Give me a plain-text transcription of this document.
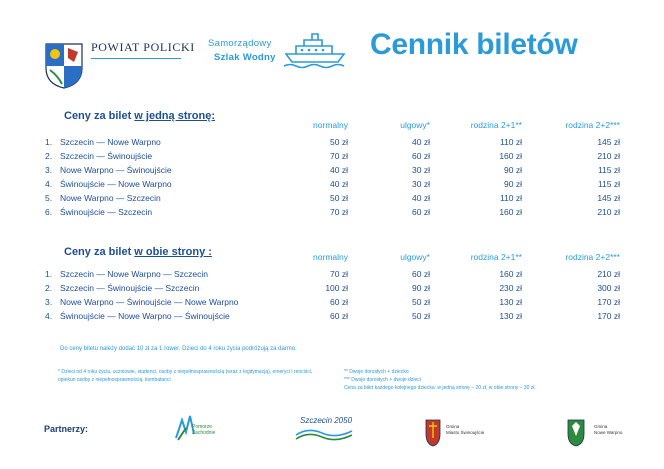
POWIAT POLICKI Samorządowy
Szlak Wodny	Cennik biletów
Ceny za bilet w jedną stronę:
normalny	ulgowy*	rodzina 2+1**	rodzina 2+2***
1. Szczecin — Nowe Warpno	50 zł	40 zł	110 zł	145 zł
2. Szczecin — Świnoujście	70 zł	60 zł	160 zł	210 zł
3. Nowe Warpno — Świnoujście	40 zł	30 zł	90 zł	115 zł
4. Świnoujście — Nowe Warpno	40 zł	30 zł	90 zł	115 zł
5. Nowe Warpno — Szczecin	50 zł	40 zł	110 zł	145 zł
6. Świnoujście — Szczecin	70 zł	60 zł	160 zł	210 zł
Ceny za bilet w obie strony :	normalny	ulgowy*	rodzina 2+1**	rodzina 2+2***
1. Szczecin — Nowe Warpno — Szczecin	70 zł	60 zł	160 zł	210 zł
2. Szczecin — Świnoujście — Szczecin	100 zł	90 zł	230 zł	300 zł
3. Nowe Warpno — Świnoujście — Nowe Warpno	60 zł	50 zł	130 zł	170 zł
4. Świnoujście — Nowe Warpno — Świnoujście	60 zł	50 zł	130 zł	170 zł
Do ceny biletu należy dodać 10 zł za 1 rower. Dzieci do 4 roku życia podróżują za darmo.
* Dzieci od 4 roku życia, uczniowie, studenci, osoby z niepełnosprawnością (wraz z legitymacją), emeryci i renciści, opiekun osoby z niepełnosprawnością, kombatanci
** Dwoje dorosłych + dziecko
*** Dwoje dorosłych + dwoje dzieci
Cena za bilet każdego kolejnego dziecka: w jedną stronę – 20 zł, w obie strony – 30 zł.
Partnerzy:	Pomorze
Zachodnie
Szczecin 2050
Gmina
Miasto Świnoujście
Gmina
Nowe Warpno
